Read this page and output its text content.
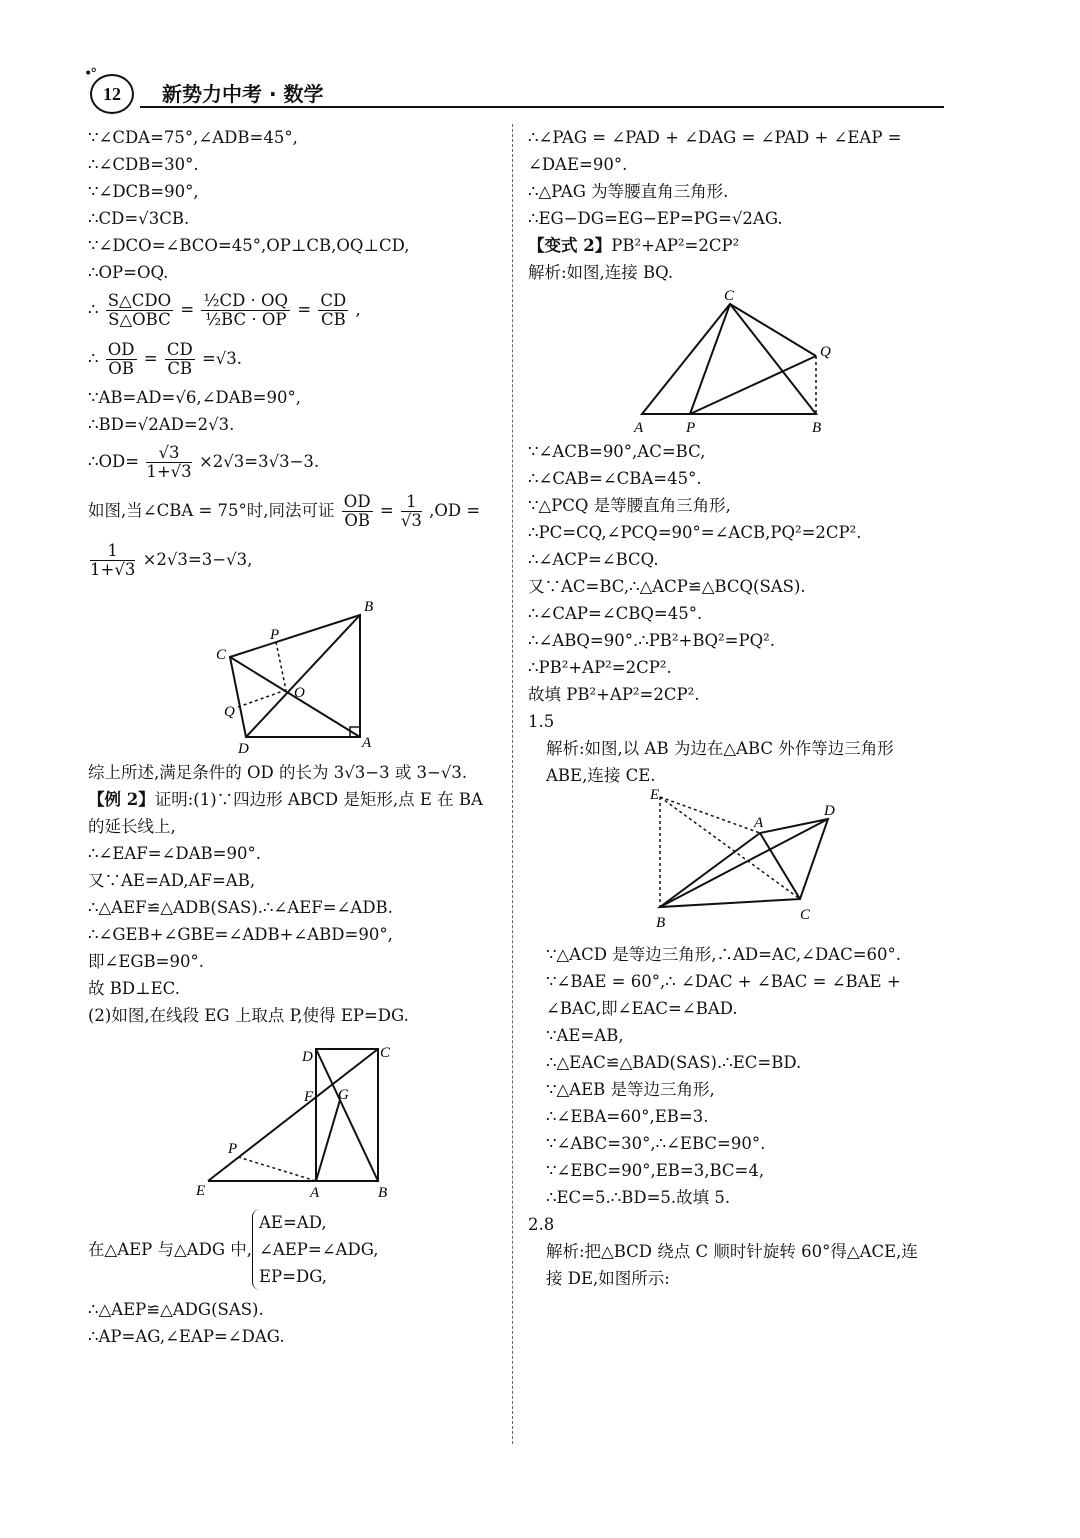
•°
12	新势力中考 · 数学
∵∠CDA=75°,∠ADB=45°,
∴∠CDB=30°.
∵∠DCB=90°,
∴CD=√3CB.
∵∠DCO=∠BCO=45°,OP⊥CB,OQ⊥CD,
∴OP=OQ.
∴ $\frac{\text{S△CDO}}{\text{S△OBC}} = \frac{\text{½CD · OQ}}{\text{½BC · OP}} = \frac{CD}{CB}$ ,
∴ $\frac{OD}{OB} = \frac{CD}{CB} =√3$.
∵AB=AD=√6,∠DAB=90°,
∴BD=√2AD=2√3.
∴OD= $\frac{√3}{1+√3} \times 2√3=3√3-3$.
如图,当∠CBA = 75°时,同法可证 $\frac{OD}{OB} = \frac{1}{√3} ,OD$ =
$\frac{1}{1+√3} \times 2√3=3-√3$,
B
C
P
O
Q
D	A
综上所述,满足条件的 OD 的长为 3√3−3 或 3−√3.
【例 2】证明:(1)∵四边形 ABCD 是矩形,点 E 在 BA
的延长线上,
∴∠EAF=∠DAB=90°.
又∵AE=AD,AF=AB,
∴△AEF≌△ADB(SAS).∴∠AEF=∠ADB.
∴∠GEB+∠GBE=∠ADB+∠ABD=90°,
即∠EGB=90°.
故 BD⊥EC.
(2)如图,在线段 EG 上取点 P,使得 EP=DG.
D	C
F G
P
E	A	B
在△AEP 与△ADG 中,
AE=AD,
∠AEP=∠ADG,
EP=DG,
∴△AEP≌△ADG(SAS).
∴AP=AG,∠EAP=∠DAG.
∴∠PAG = ∠PAD + ∠DAG = ∠PAD + ∠EAP =
∠DAE=90°.
∴△PAG 为等腰直角三角形.
∴EG−DG=EG−EP=PG=√2AG.
【变式 2】PB²+AP²=2CP²
解析:如图,连接 BQ.
C
Q
A	P	B
∵∠ACB=90°,AC=BC,
∴∠CAB=∠CBA=45°.
∵△PCQ 是等腰直角三角形,
∴PC=CQ,∠PCQ=90°=∠ACB,PQ²=2CP².
∴∠ACP=∠BCQ.
又∵AC=BC,∴△ACP≌△BCQ(SAS).
∴∠CAP=∠CBQ=45°.
∴∠ABQ=90°.∴PB²+BQ²=PQ².
∴PB²+AP²=2CP².
故填 PB²+AP²=2CP².
1.5
解析:如图,以 AB 为边在△ABC 外作等边三角形
ABE,连接 CE.
E
A
D
B	C
∵△ACD 是等边三角形,∴AD=AC,∠DAC=60°.
∵∠BAE = 60°,∴ ∠DAC + ∠BAC = ∠BAE +
∠BAC,即∠EAC=∠BAD.
∵AE=AB,
∴△EAC≌△BAD(SAS).∴EC=BD.
∵△AEB 是等边三角形,
∴∠EBA=60°,EB=3.
∵∠ABC=30°,∴∠EBC=90°.
∵∠EBC=90°,EB=3,BC=4,
∴EC=5.∴BD=5.故填 5.
2.8
解析:把△BCD 绕点 C 顺时针旋转 60°得△ACE,连
接 DE,如图所示:
